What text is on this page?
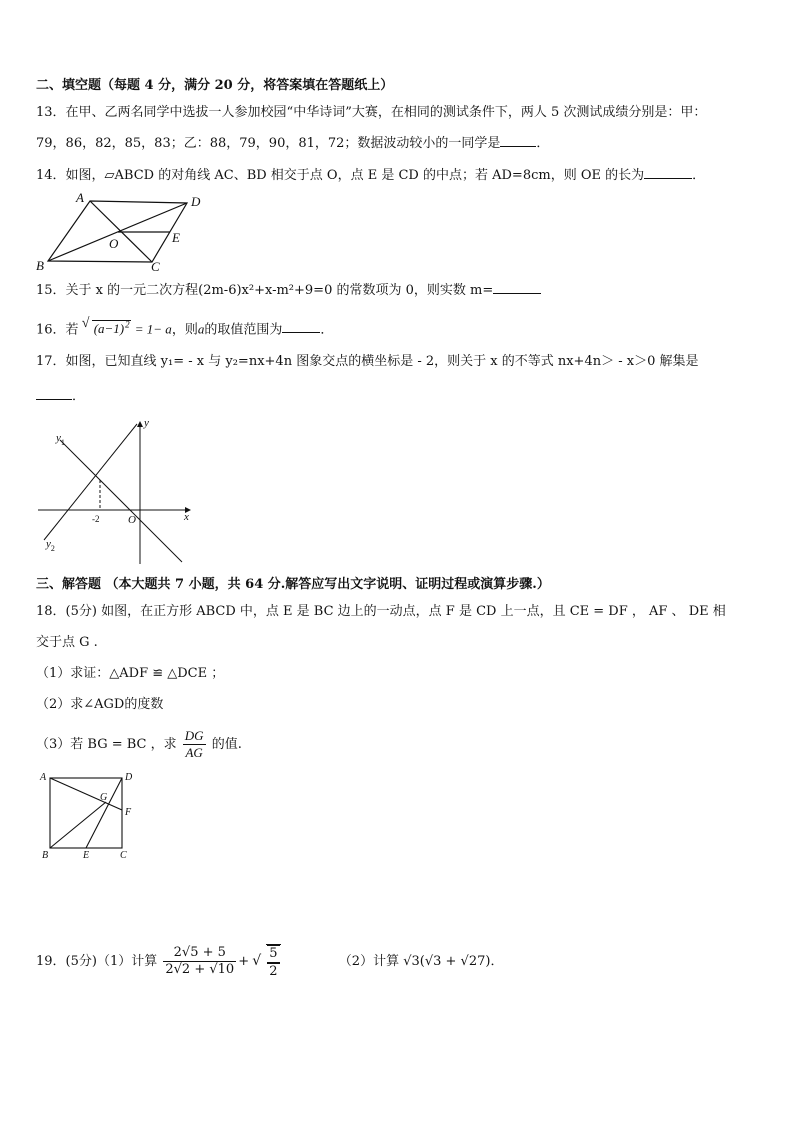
二、填空题（每题 4 分，满分 20 分，将答案填在答题纸上）
13．在甲、乙两名同学中选拔一人参加校园“中华诗词”大赛，在相同的测试条件下，两人 5 次测试成绩分别是：甲：
79，86，82，85，83；乙：88，79，90，81，72；数据波动较小的一同学是	．
14．如图，▱ABCD 的对角线 AC、BD 相交于点 O，点 E 是 CD 的中点；若 AD=8cm，则 OE 的长为	．
A	D
O	E
B	C
15．关于 x 的一元二次方程(2m-6)x²+x-m²+9=0 的常数项为 0，则实数 m=
16．若 √ $(a-1)^2 = 1- a$，则a的取值范围为	．
17．如图，已知直线 y₁= - x 与 y₂=nx+4n 图象交点的横坐标是 - 2，则关于 x 的不等式 nx+4n＞ - x＞0 解集是
．
y
x
O
$y_1$
$y_2$
-2
三、解答题 （本大题共 7 小题，共 64 分.解答应写出文字说明、证明过程或演算步骤.）
18．(5分) 如图，在正方形 ABCD 中，点 E 是 BC 边上的一动点，点 F 是 CD 上一点，且 CE = DF ， AF 、 DE 相
交于点 G .
（1）求证：△ADF ≌ △DCE ；
（2）求∠AGD的度数
（3）若 BG = BC ，求 $\frac{DG}{AG}$ 的值.
A	D
G
F
B	E	C
19．(5分)（1）计算 $\frac{2√5 + 5}{2√2 + √10}$ + √ $\frac{5}{2}$	（2）计算 √3(√3 + √27)．
